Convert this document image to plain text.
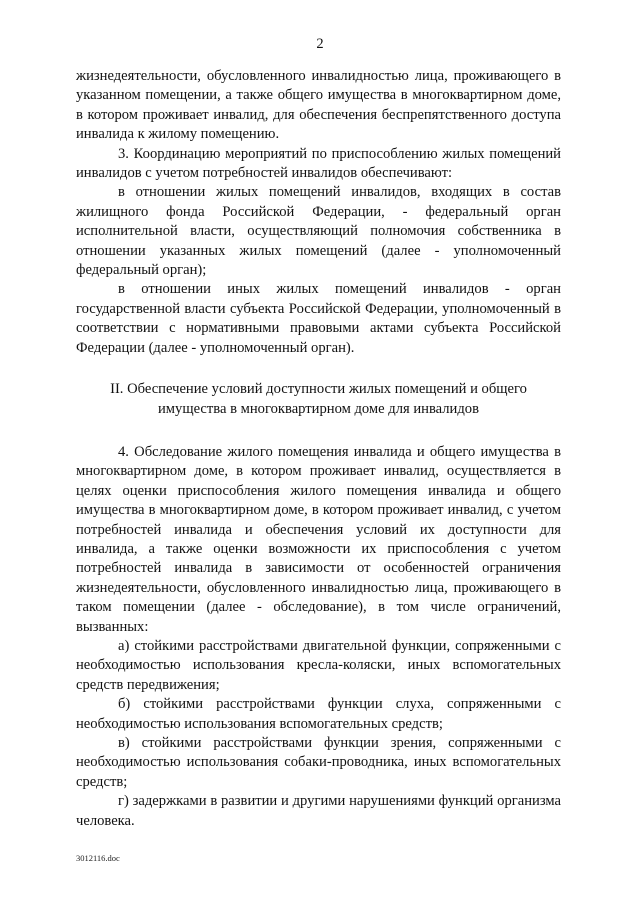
2

жизнедеятельности, обусловленного инвалидностью лица, проживающего в указанном помещении, а также общего имущества в многоквартирном доме, в котором проживает инвалид, для обеспечения беспрепятственного доступа инвалида к жилому помещению.

3. Координацию мероприятий по приспособлению жилых помещений инвалидов с учетом потребностей инвалидов обеспечивают:

в отношении жилых помещений инвалидов, входящих в состав жилищного фонда Российской Федерации, - федеральный орган исполнительной власти, осуществляющий полномочия собственника в отношении указанных жилых помещений (далее - уполномоченный федеральный орган);

в отношении иных жилых помещений инвалидов - орган государственной власти субъекта Российской Федерации, уполномоченный в соответствии с нормативными правовыми актами субъекта Российской Федерации (далее - уполномоченный орган).

II. Обеспечение условий доступности жилых помещений и общего имущества в многоквартирном доме для инвалидов

4. Обследование жилого помещения инвалида и общего имущества в многоквартирном доме, в котором проживает инвалид, осуществляется в целях оценки приспособления жилого помещения инвалида и общего имущества в многоквартирном доме, в котором проживает инвалид, с учетом потребностей инвалида и обеспечения условий их доступности для инвалида, а также оценки возможности их приспособления с учетом потребностей инвалида в зависимости от особенностей ограничения жизнедеятельности, обусловленного инвалидностью лица, проживающего в таком помещении (далее - обследование), в том числе ограничений, вызванных:

а) стойкими расстройствами двигательной функции, сопряженными с необходимостью использования кресла-коляски, иных вспомогательных средств передвижения;

б) стойкими расстройствами функции слуха, сопряженными с необходимостью использования вспомогательных средств;

в) стойкими расстройствами функции зрения, сопряженными с необходимостью использования собаки-проводника, иных вспомогательных средств;

г) задержками в развитии и другими нарушениями функций организма человека.

3012116.doc
